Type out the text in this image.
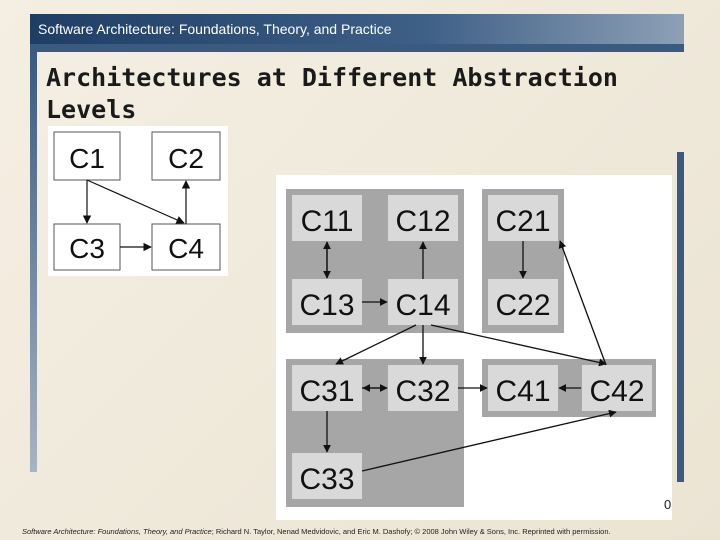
Software Architecture: Foundations, Theory, and Practice
Architectures at Different Abstraction Levels
C1 C2
C3 C4
C11 C12
C13 C14
C21
C22
C31 C32
C33
C41 C42
0
Software Architecture: Foundations, Theory, and Practice; Richard N. Taylor, Nenad Medvidovic, and Eric M. Dashofy; © 2008 John Wiley & Sons, Inc. Reprinted with permission.
